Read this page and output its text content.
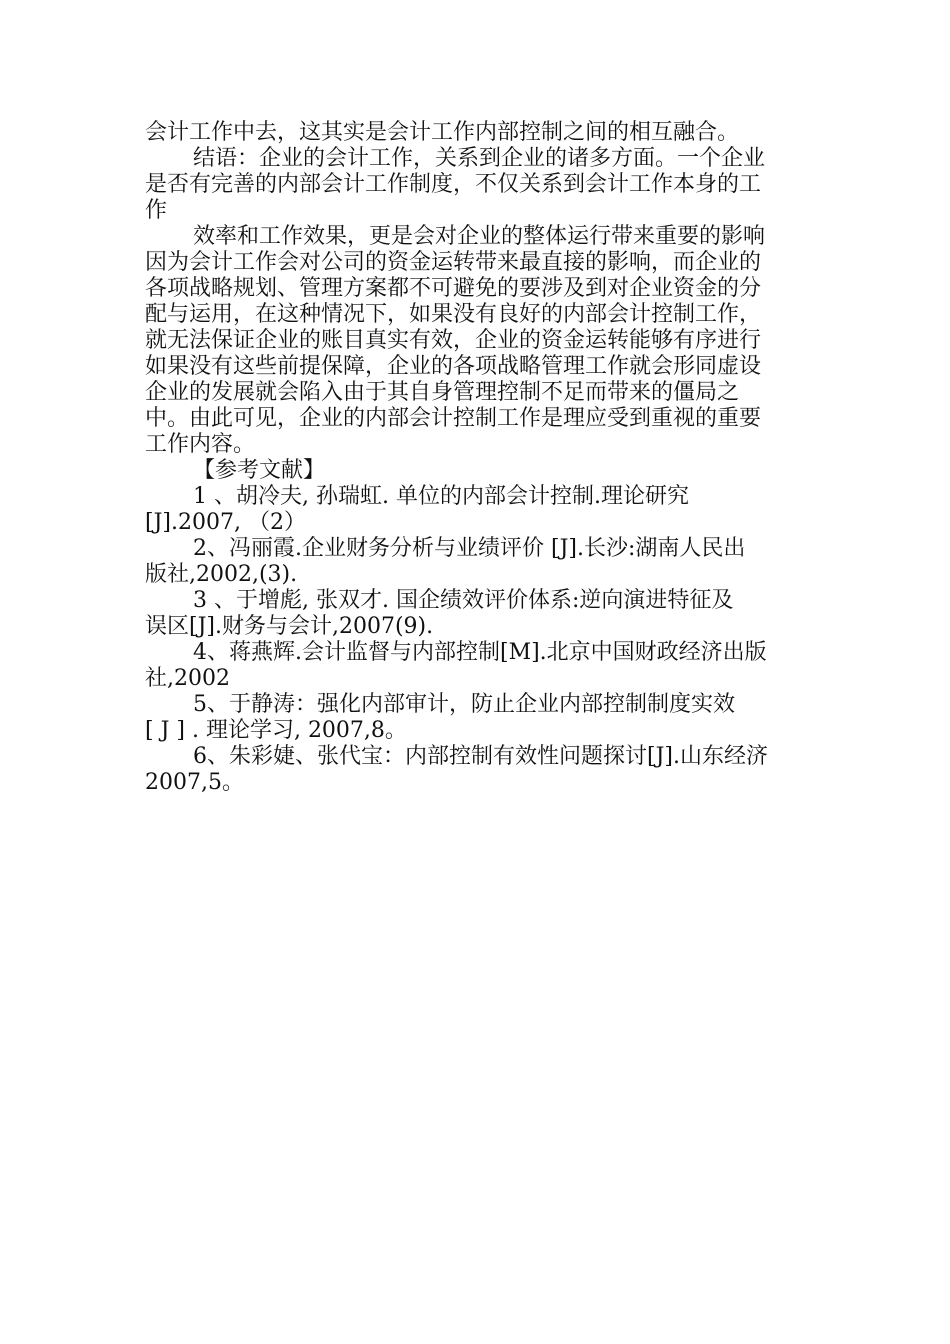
会计工作中去，这其实是会计工作内部控制之间的相互融合。
结语：企业的会计工作，关系到企业的诸多方面。一个企业
是否有完善的内部会计工作制度，不仅关系到会计工作本身的工
作
效率和工作效果，更是会对企业的整体运行带来重要的影响
因为会计工作会对公司的资金运转带来最直接的影响，而企业的
各项战略规划、管理方案都不可避免的要涉及到对企业资金的分
配与运用，在这种情况下，如果没有良好的内部会计控制工作，
就无法保证企业的账目真实有效，企业的资金运转能够有序进行
如果没有这些前提保障，企业的各项战略管理工作就会形同虚设
企业的发展就会陷入由于其自身管理控制不足而带来的僵局之
中。由此可见，企业的内部会计控制工作是理应受到重视的重要
工作内容。
【参考文献】
1 、胡冷夫, 孙瑞虹. 单位的内部会计控制.理论研究
[J].2007, （2）
2、冯丽霞.企业财务分析与业绩评价 [J].长沙:湖南人民出
版社,2002,(3).
3 、于增彪, 张双才. 国企绩效评价体系:逆向演进特征及
误区[J].财务与会计,2007(9).
4、蒋燕辉.会计监督与内部控制[M].北京中国财政经济出版
社,2002
5、于静涛：强化内部审计，防止企业内部控制制度实效
[ J ] . 理论学习, 2007,8。
6、朱彩婕、张代宝：内部控制有效性问题探讨[J].山东经济
2007,5。
